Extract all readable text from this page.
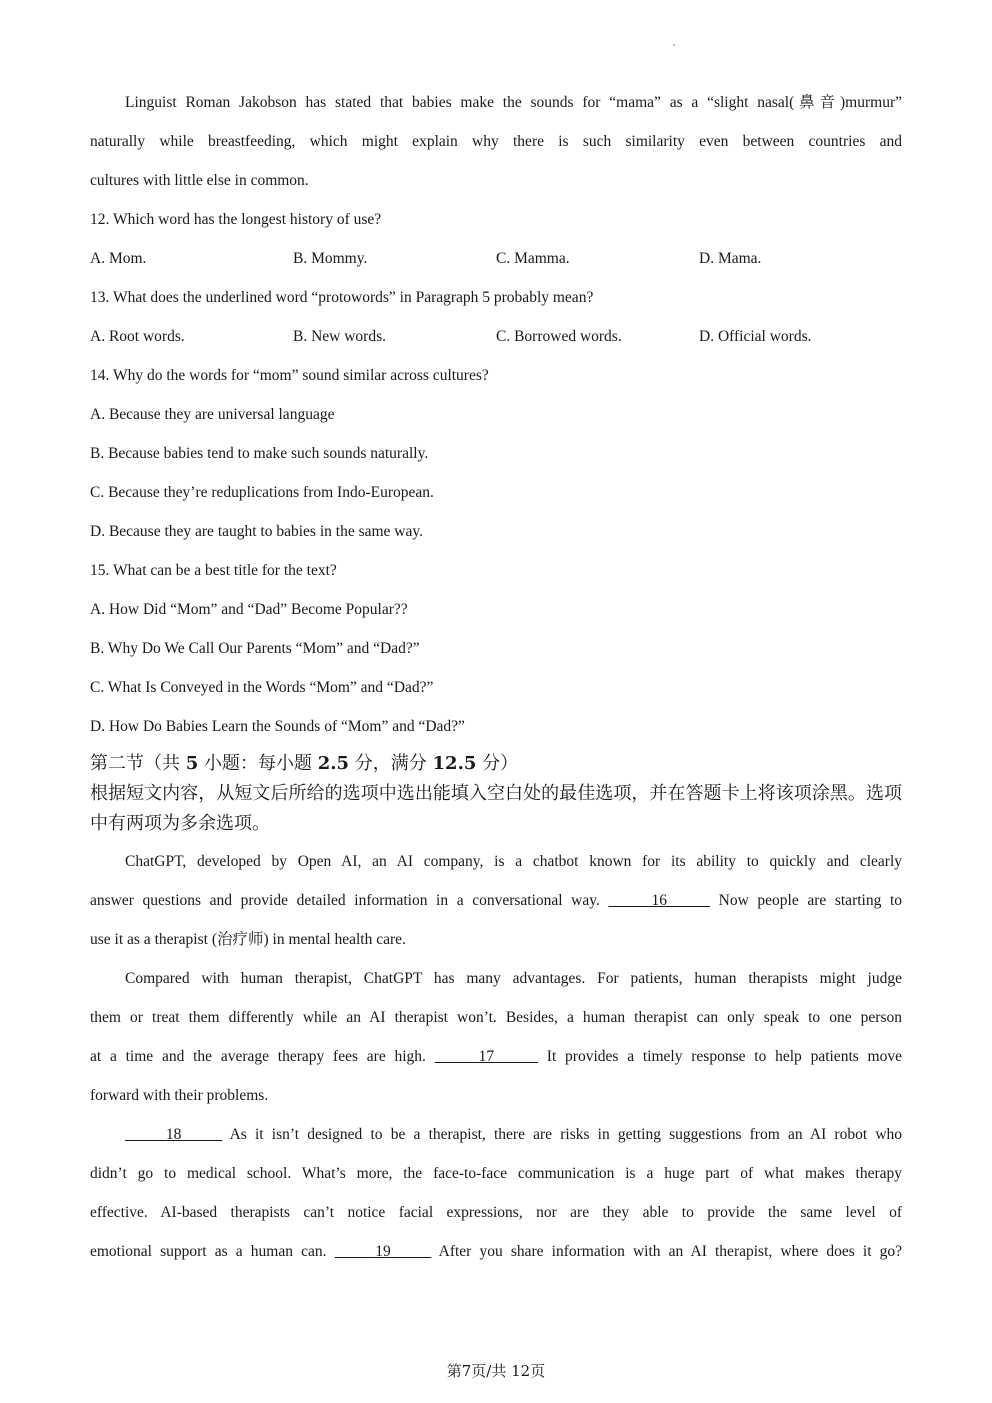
Linguist Roman Jakobson has stated that babies make the sounds for “mama” as a “slight nasal(鼻音)murmur”
naturally while breastfeeding, which might explain why there is such similarity even between countries and
cultures with little else in common.
12. Which word has the longest history of use?
A. Mom.	B. Mommy.	C. Mamma.	D. Mama.
13. What does the underlined word “protowords” in Paragraph 5 probably mean?
A. Root words.	B. New words.	C. Borrowed words.	D. Official words.
14. Why do the words for “mom” sound similar across cultures?
A. Because they are universal language
B. Because babies tend to make such sounds naturally.
C. Because they’re reduplications from Indo-European.
D. Because they are taught to babies in the same way.
15. What can be a best title for the text?
A. How Did “Mom” and “Dad” Become Popular??
B. Why Do We Call Our Parents “Mom” and “Dad?”
C. What Is Conveyed in the Words “Mom” and “Dad?”
D. How Do Babies Learn the Sounds of “Mom” and “Dad?”
第二节（共 5 小题：每小题 2.5 分，满分 12.5 分）
根据短文内容，从短文后所给的选项中选出能填入空白处的最佳选项，并在答题卡上将该项涂黑。选项中有两项为多余选项。
ChatGPT, developed by Open AI, an AI company, is a chatbot known for its ability to quickly and clearly
answer questions and provide detailed information in a conversational way.	16	Now people are starting to
use it as a therapist (治疗师) in mental health care.
Compared with human therapist, ChatGPT has many advantages. For patients, human therapists might judge
them or treat them differently while an AI therapist won’t. Besides, a human therapist can only speak to one person
at a time and the average therapy fees are high.	17	It provides a timely response to help patients move
forward with their problems.
18	As it isn’t designed to be a therapist, there are risks in getting suggestions from an AI robot who
didn’t go to medical school. What’s more, the face-to-face communication is a huge part of what makes therapy
effective. AI-based therapists can’t notice facial expressions, nor are they able to provide the same level of
emotional support as a human can.	19	After you share information with an AI therapist, where does it go?
第7页/共 12页
